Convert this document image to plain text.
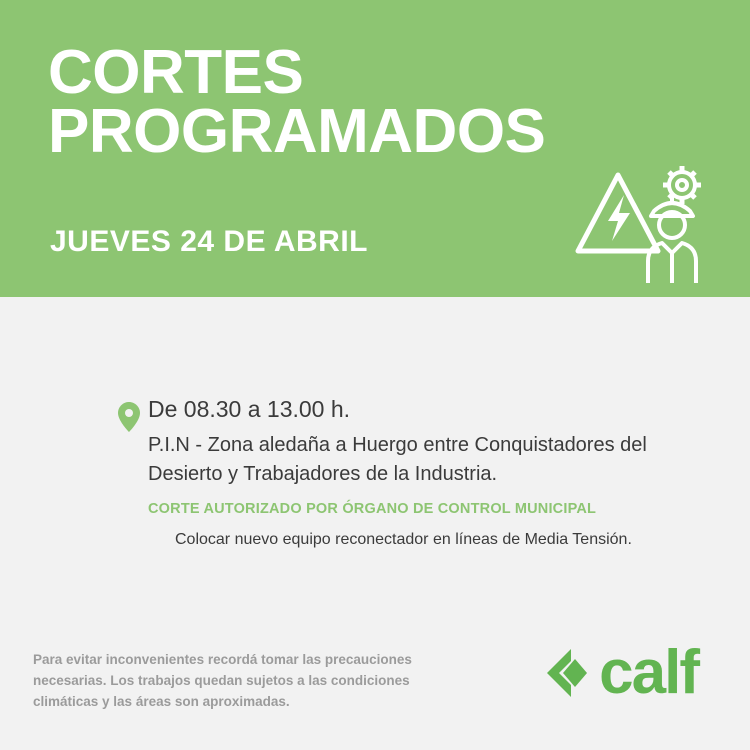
CORTES
PROGRAMADOS
JUEVES 24 DE ABRIL
De 08.30 a 13.00 h.
P.I.N - Zona aledaña a Huergo entre Conquistadores del Desierto y Trabajadores de la Industria.
CORTE AUTORIZADO POR ÓRGANO DE CONTROL MUNICIPAL
Colocar nuevo equipo reconectador en líneas de Media Tensión.
Para evitar inconvenientes recordá tomar las precauciones necesarias. Los trabajos quedan sujetos a las condiciones climáticas y las áreas son aproximadas.	calf
